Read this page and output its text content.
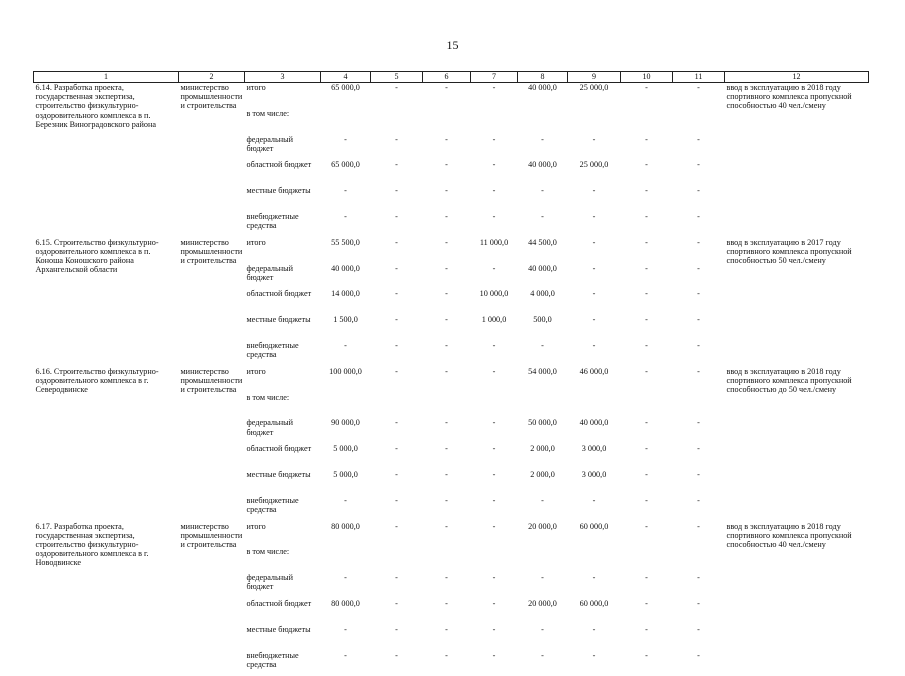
15
1	2	3	4	5	6	7	8	9	10	11	12
6.14. Разработка проекта, государственная экспертиза, строительство физкультурно-оздоровительного комплекса в п. Березник Виноградовского района	министерство промышленности и строительства	итого	65 000,0	-	-	-	40 000,0	25 000,0	-	-	ввод в эксплуатацию в 2018 году спортивного комплекса пропускной способностью 40 чел./смену
		в том числе:									
		федеральный бюджет	-	-	-	-	-	-	-	-	
		областной бюджет	65 000,0	-	-	-	40 000,0	25 000,0	-	-	
		местные бюджеты	-	-	-	-	-	-	-	-	
		внебюджетные средства	-	-	-	-	-	-	-	-	
6.15. Строительство физкультурно-оздоровительного комплекса в п. Коноша Коношского района Архангельской области	министерство промышленности и строительства	итого	55 500,0	-	-	11 000,0	44 500,0	-	-	-	ввод в эксплуатацию в 2017 году спортивного комплекса пропускной способностью 50 чел./смену
		федеральный бюджет	40 000,0	-	-	-	40 000,0	-	-	-	
		областной бюджет	14 000,0	-	-	10 000,0	4 000,0	-	-	-	
		местные бюджеты	1 500,0	-	-	1 000,0	500,0	-	-	-	
		внебюджетные средства	-	-	-	-	-	-	-	-	
6.16. Строительство физкультурно-оздоровительного комплекса в г. Северодвинске	министерство промышленности и строительства	итого	100 000,0	-	-	-	54 000,0	46 000,0	-	-	ввод в эксплуатацию в 2018 году спортивного комплекса пропускной способностью до 50 чел./смену
		в том числе:									
		федеральный бюджет	90 000,0	-	-	-	50 000,0	40 000,0	-	-	
		областной бюджет	5 000,0	-	-	-	2 000,0	3 000,0	-	-	
		местные бюджеты	5 000,0	-	-	-	2 000,0	3 000,0	-	-	
		внебюджетные средства	-	-	-	-	-	-	-	-	
6.17. Разработка проекта, государственная экспертиза, строительство физкультурно-оздоровительного комплекса в г. Новодвинске	министерство промышленности и строительства	итого	80 000,0	-	-	-	20 000,0	60 000,0	-	-	ввод в эксплуатацию в 2018 году спортивного комплекса пропускной способностью 40 чел./смену
		в том числе:									
		федеральный бюджет	-	-	-	-	-	-	-	-	
		областной бюджет	80 000,0	-	-	-	20 000,0	60 000,0	-	-	
		местные бюджеты	-	-	-	-	-	-	-	-	
		внебюджетные средства	-	-	-	-	-	-	-	-	
